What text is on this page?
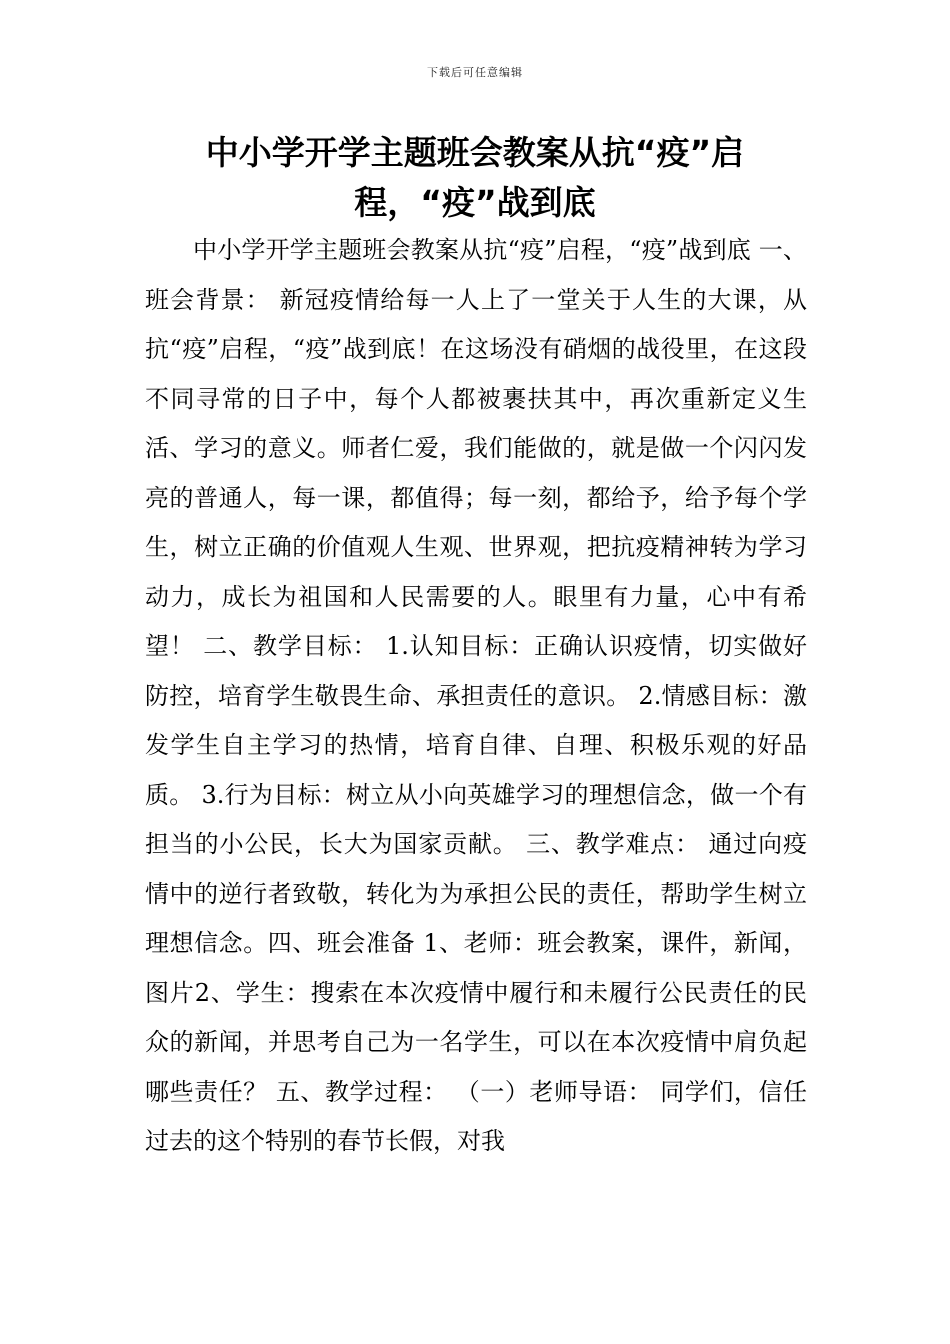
下载后可任意编辑
中小学开学主题班会教案从抗“疫”启程，“疫”战到底

中小学开学主题班会教案从抗“疫”启程，“疫”战到底 一、班会背景： 新冠疫情给每一人上了一堂关于人生的大课，从抗“疫”启程，“疫”战到底！在这场没有硝烟的战役里，在这段不同寻常的日子中，每个人都被裹扶其中，再次重新定义生活、学习的意义。师者仁爱，我们能做的，就是做一个闪闪发亮的普通人，每一课，都值得；每一刻，都给予，给予每个学生，树立正确的价值观人生观、世界观，把抗疫精神转为学习动力，成长为祖国和人民需要的人。眼里有力量，心中有希望！ 二、教学目标： 1.认知目标：正确认识疫情，切实做好防控，培育学生敬畏生命、承担责任的意识。 2.情感目标：激发学生自主学习的热情，培育自律、自理、积极乐观的好品质。 3.行为目标：树立从小向英雄学习的理想信念，做一个有担当的小公民，长大为国家贡献。 三、教学难点： 通过向疫情中的逆行者致敬，转化为为承担公民的责任，帮助学生树立理想信念。四、班会准备 1、老师：班会教案，课件，新闻，图片2、学生：搜索在本次疫情中履行和未履行公民责任的民众的新闻，并思考自己为一名学生，可以在本次疫情中肩负起哪些责任？ 五、教学过程： （一）老师导语： 同学们，信任过去的这个特别的春节长假，对我
